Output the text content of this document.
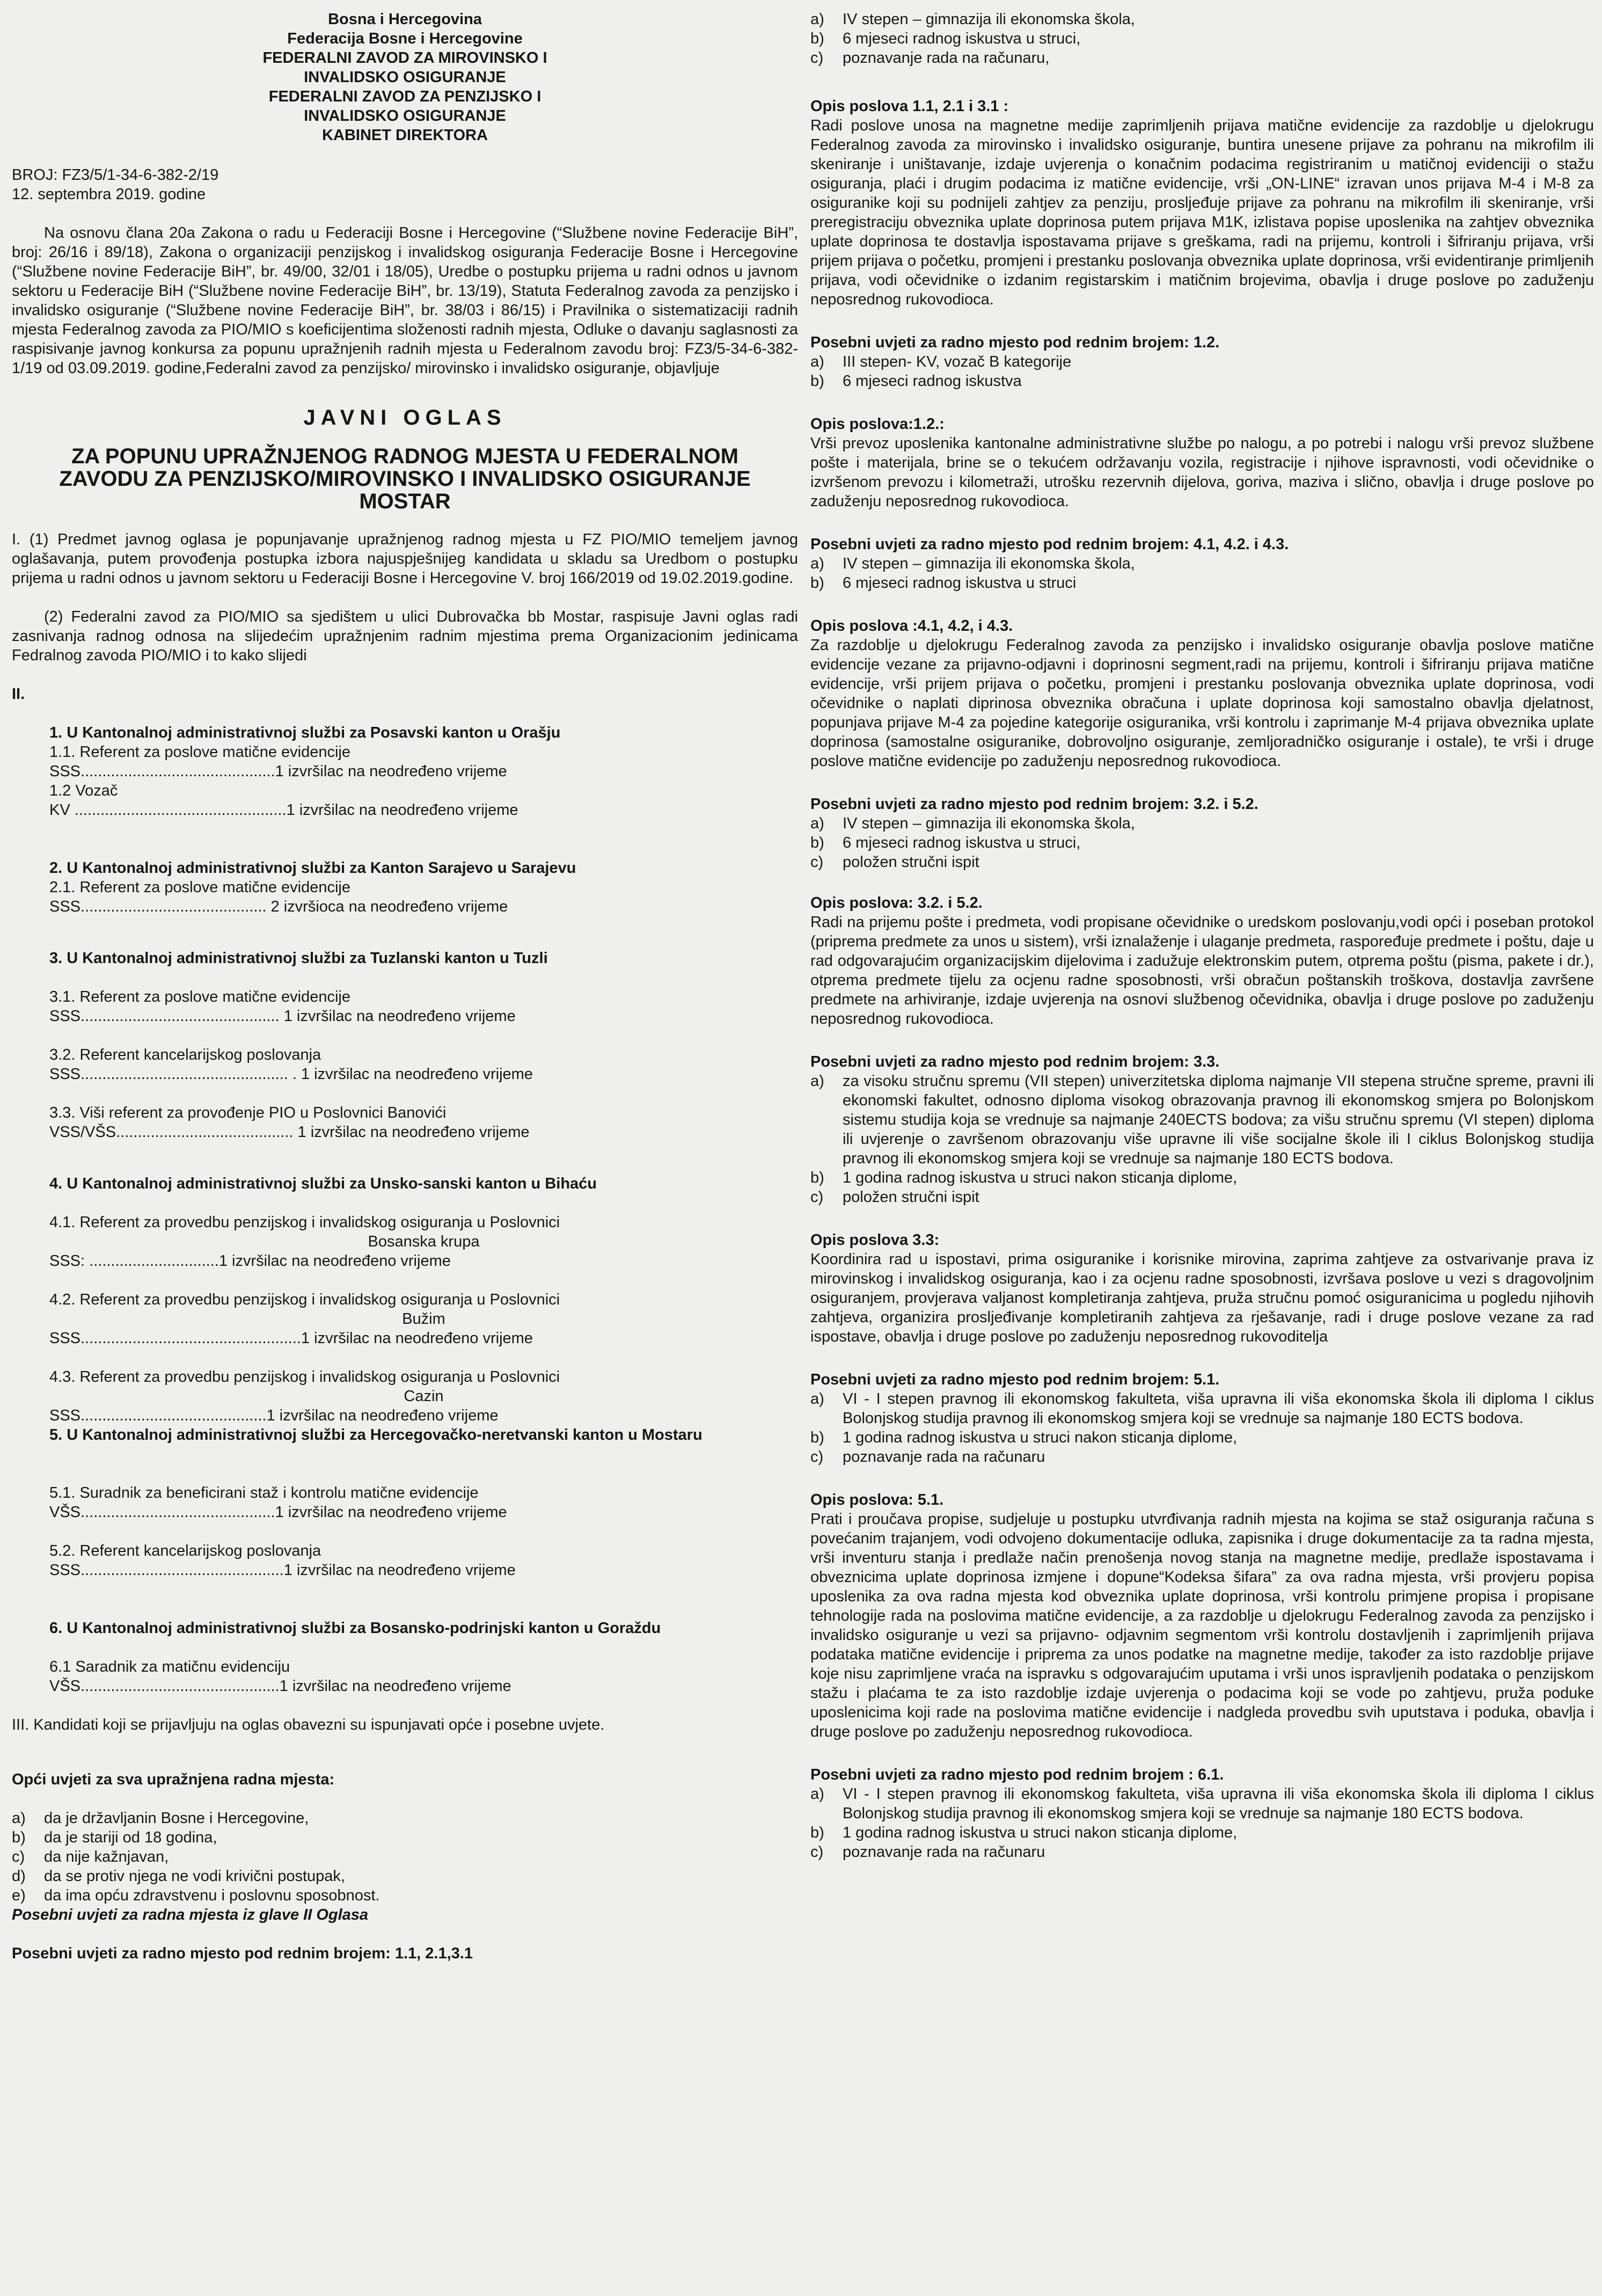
Bosna i Hercegovina
Federacija Bosne i Hercegovine
FEDERALNI ZAVOD ZA MIROVINSKO I
INVALIDSKO OSIGURANJE
FEDERALNI ZAVOD ZA PENZIJSKO I
INVALIDSKO OSIGURANJE
KABINET DIREKTORA

BROJ: FZ3/5/1-34-6-382-2/19

12. septembra 2019. godine

Na osnovu člana 20a Zakona o radu u Federaciji Bosne i Hercegovine (“Službene novine Federacije BiH”, broj: 26/16 i 89/18), Zakona o organizaciji penzijskog i invalidskog osiguranja Federacije Bosne i Hercegovine (“Službene novine Federacije BiH”, br. 49/00, 32/01 i 18/05), Uredbe o postupku prijema u radni odnos u javnom sektoru u Federacije BiH (“Službene novine Federacije BiH”, br. 13/19), Statuta Federalnog zavoda za penzijsko i invalidsko osiguranje (“Službene novine Federacije BiH”, br. 38/03 i 86/15) i Pravilnika o sistematizaciji radnih mjesta Federalnog zavoda za PIO/MIO s koeficijentima složenosti radnih mjesta, Odluke o davanju saglasnosti za raspisivanje javnog konkursa za popunu upražnjenih radnih mjesta u Federalnom zavodu broj: FZ3/5-34-6-382-1/19 od 03.09.2019. godine,Federalni zavod za penzijsko/ mirovinsko i invalidsko osiguranje, objavljuje

JAVNI OGLAS
ZA POPUNU UPRAŽNJENOG RADNOG MJESTA U FEDERALNOM ZAVODU ZA PENZIJSKO/MIROVINSKO I INVALIDSKO OSIGURANJE MOSTAR

I. (1) Predmet javnog oglasa je popunjavanje upražnjenog radnog mjesta u FZ PIO/MIO temeljem javnog oglašavanja, putem provođenja postupka izbora najuspješnijeg kandidata u skladu sa Uredbom o postupku prijema u radni odnos u javnom sektoru u Federaciji Bosne i Hercegovine V. broj 166/2019 od 19.02.2019.godine.

(2) Federalni zavod za PIO/MIO sa sjedištem u ulici Dubrovačka bb Mostar, raspisuje Javni oglas radi zasnivanja radnog odnosa na slijedećim upražnjenim radnim mjestima prema Organizacionim jedinicama Fedralnog zavoda PIO/MIO i to kako slijedi

II.

1. U Kantonalnoj administrativnoj službi za Posavski kanton u Orašju

1.1. Referent za poslove matične evidencije

SSS.............................................1 izvršilac na neodređeno vrijeme

1.2 Vozač

KV .................................................1 izvršilac na neodređeno vrijeme

2. U Kantonalnoj administrativnoj službi za Kanton Sarajevo u Sarajevu

2.1. Referent za poslove matične evidencije

SSS........................................... 2 izvršioca na neodređeno vrijeme

3. U Kantonalnoj administrativnoj službi za Tuzlanski kanton u Tuzli

3.1. Referent za poslove matične evidencije

SSS.............................................. 1 izvršilac na neodređeno vrijeme

3.2. Referent kancelarijskog poslovanja

SSS................................................ . 1 izvršilac na neodređeno vrijeme

3.3. Viši referent za provođenje PIO u Poslovnici Banovići

VSS/VŠS......................................... 1 izvršilac na neodređeno vrijeme

4. U Kantonalnoj administrativnoj službi za Unsko-sanski kanton u Bihaću

4.1. Referent za provedbu penzijskog i invalidskog osiguranja u Poslovnici

Bosanska krupa

SSS: ..............................1 izvršilac na neodređeno vrijeme

4.2. Referent za provedbu penzijskog i invalidskog osiguranja u Poslovnici

Bužim

SSS...................................................1 izvršilac na neodređeno vrijeme

4.3. Referent za provedbu penzijskog i invalidskog osiguranja u Poslovnici

Cazin

SSS...........................................1 izvršilac na neodređeno vrijeme

5. U Kantonalnoj administrativnoj službi za Hercegovačko-neretvanski kanton u Mostaru

5.1. Suradnik za beneficirani staž i kontrolu matične evidencije

VŠS.............................................1 izvršilac na neodređeno vrijeme

5.2. Referent kancelarijskog poslovanja

SSS...............................................1 izvršilac na neodređeno vrijeme

6. U Kantonalnoj administrativnoj službi za Bosansko-podrinjski kanton u Goraždu

6.1 Saradnik za matičnu evidenciju

VŠS..............................................1 izvršilac na neodređeno vrijeme

III. Kandidati koji se prijavljuju na oglas obavezni su ispunjavati opće i posebne uvjete.

Opći uvjeti za sva upražnjena radna mjesta:

a)	da je državljanin Bosne i Hercegovine,
b)	da je stariji od 18 godina,
c)	da nije kažnjavan,
d)	da se protiv njega ne vodi krivični postupak,
e)	da ima opću zdravstvenu i poslovnu sposobnost.

Posebni uvjeti za radna mjesta iz glave II Oglasa

Posebni uvjeti za radno mjesto pod rednim brojem: 1.1, 2.1,3.1

a)	IV stepen – gimnazija ili ekonomska škola,
b)	6 mjeseci radnog iskustva u struci,
c)	poznavanje rada na računaru,

Opis poslova 1.1, 2.1 i 3.1 :

Radi poslove unosa na magnetne medije zaprimljenih prijava matične evidencije za razdoblje u djelokrugu Federalnog zavoda za mirovinsko i invalidsko osiguranje, buntira unesene prijave za pohranu na mikrofilm ili skeniranje i uništavanje, izdaje uvjerenja o konačnim podacima registriranim u matičnoj evidenciji o stažu osiguranja, plaći i drugim podacima iz matične evidencije, vrši „ON-LINE“ izravan unos prijava M-4 i M-8 za osiguranike koji su podnijeli zahtjev za penziju, prosljeđuje prijave za pohranu na mikrofilm ili skeniranje, vrši preregistraciju obveznika uplate doprinosa putem prijava M1K, izlistava popise uposlenika na zahtjev obveznika uplate doprinosa te dostavlja ispostavama prijave s greškama, radi na prijemu, kontroli i šifriranju prijava, vrši prijem prijava o početku, promjeni i prestanku poslovanja obveznika uplate doprinosa, vrši evidentiranje primljenih prijava, vodi očevidnike o izdanim registarskim i matičnim brojevima, obavlja i druge poslove po zaduženju neposrednog rukovodioca.

Posebni uvjeti za radno mjesto pod rednim brojem: 1.2.

a)	III stepen- KV, vozač B kategorije
b)	6 mjeseci radnog iskustva

Opis poslova:1.2.:

Vrši prevoz uposlenika kantonalne administrativne službe po nalogu, a po potrebi i nalogu vrši prevoz službene pošte i materijala, brine se o tekućem održavanju vozila, registracije i njihove ispravnosti, vodi očevidnike o izvršenom prevozu i kilometraži, utrošku rezervnih dijelova, goriva, maziva i slično, obavlja i druge poslove po zaduženju neposrednog rukovodioca.

Posebni uvjeti za radno mjesto pod rednim brojem: 4.1, 4.2. i 4.3.

a)	IV stepen – gimnazija ili ekonomska škola,
b)	6 mjeseci radnog iskustva u struci

Opis poslova :4.1, 4.2, i 4.3.

Za razdoblje u djelokrugu Federalnog zavoda za penzijsko i invalidsko osiguranje obavlja poslove matične evidencije vezane za prijavno-odjavni i doprinosni segment,radi na prijemu, kontroli i šifriranju prijava matične evidencije, vrši prijem prijava o početku, promjeni i prestanku poslovanja obveznika uplate doprinosa, vodi očevidnike o naplati diprinosa obveznika obračuna i uplate doprinosa koji samostalno obavlja djelatnost, popunjava prijave M-4 za pojedine kategorije osiguranika, vrši kontrolu i zaprimanje M-4 prijava obveznika uplate doprinosa (samostalne osiguranike, dobrovoljno osiguranje, zemljoradničko osiguranje i ostale), te vrši i druge poslove matične evidencije po zaduženju neposrednog rukovodioca.

Posebni uvjeti za radno mjesto pod rednim brojem: 3.2. i 5.2.

a)	IV stepen – gimnazija ili ekonomska škola,
b)	6 mjeseci radnog iskustva u struci,
c)	položen stručni ispit

Opis poslova: 3.2. i 5.2.

Radi na prijemu pošte i predmeta, vodi propisane očevidnike o uredskom poslovanju,vodi opći i poseban protokol (priprema predmete za unos u sistem), vrši iznalaženje i ulaganje predmeta, raspoređuje predmete i poštu, daje u rad odgovarajućim organizacijskim dijelovima i zadužuje elektronskim putem, otprema poštu (pisma, pakete i dr.), otprema predmete tijelu za ocjenu radne sposobnosti, vrši obračun poštanskih troškova, dostavlja završene predmete na arhiviranje, izdaje uvjerenja na osnovi službenog očevidnika, obavlja i druge poslove po zaduženju neposrednog rukovodioca.

Posebni uvjeti za radno mjesto pod rednim brojem: 3.3.

a)	za visoku stručnu spremu (VII stepen) univerzitetska diploma najmanje VII stepena stručne spreme, pravni ili ekonomski fakultet, odnosno diploma visokog obrazovanja pravnog ili ekonomskog smjera po Bolonjskom sistemu studija koja se vrednuje sa najmanje 240ECTS bodova; za višu stručnu spremu (VI stepen) diploma ili uvjerenje o završenom obrazovanju više upravne ili više socijalne škole ili I ciklus Bolonjskog studija pravnog ili ekonomskog smjera koji se vrednuje sa najmanje 180 ECTS bodova.
b)	1 godina radnog iskustva u struci nakon sticanja diplome,
c)	položen stručni ispit

Opis poslova 3.3:

Koordinira rad u ispostavi, prima osiguranike i korisnike mirovina, zaprima zahtjeve za ostvarivanje prava iz mirovinskog i invalidskog osiguranja, kao i za ocjenu radne sposobnosti, izvršava poslove u vezi s dragovoljnim osiguranjem, provjerava valjanost kompletiranja zahtjeva, pruža stručnu pomoć osiguranicima u pogledu njihovih zahtjeva, organizira prosljeđivanje kompletiranih zahtjeva za rješavanje, radi i druge poslove vezane za rad ispostave, obavlja i druge poslove po zaduženju neposrednog rukovoditelja

Posebni uvjeti za radno mjesto pod rednim brojem: 5.1.

a)	VI - I stepen pravnog ili ekonomskog fakulteta, viša upravna ili viša ekonomska škola ili diploma I ciklus Bolonjskog studija pravnog ili ekonomskog smjera koji se vrednuje sa najmanje 180 ECTS bodova.
b)	1 godina radnog iskustva u struci nakon sticanja diplome,
c)	poznavanje rada na računaru

Opis poslova: 5.1.

Prati i proučava propise, sudjeluje u postupku utvrđivanja radnih mjesta na kojima se staž osiguranja računa s povećanim trajanjem, vodi odvojeno dokumentacije odluka, zapisnika i druge dokumentacije za ta radna mjesta, vrši inventuru stanja i predlaže način prenošenja novog stanja na magnetne medije, predlaže ispostavama i obveznicima uplate doprinosa izmjene i dopune“Kodeksa šifara” za ova radna mjesta, vrši provjeru popisa uposlenika za ova radna mjesta kod obveznika uplate doprinosa, vrši kontrolu primjene propisa i propisane tehnologije rada na poslovima matične evidencije, a za razdoblje u djelokrugu Federalnog zavoda za penzijsko i invalidsko osiguranje u vezi sa prijavno- odjavnim segmentom vrši kontrolu dostavljenih i zaprimljenih prijava podataka matične evidencije i priprema za unos podatke na magnetne medije, također za isto razdoblje prijave koje nisu zaprimljene vraća na ispravku s odgovarajućim uputama i vrši unos ispravljenih podataka o penzijskom stažu i plaćama te za isto razdoblje izdaje uvjerenja o podacima koji se vode po zahtjevu, pruža poduke uposlenicima koji rade na poslovima matične evidencije i nadgleda provedbu svih uputstava i poduka, obavlja i druge poslove po zaduženju neposrednog rukovodioca.

Posebni uvjeti za radno mjesto pod rednim brojem : 6.1.

a)	VI - I stepen pravnog ili ekonomskog fakulteta, viša upravna ili viša ekonomska škola ili diploma I ciklus Bolonjskog studija pravnog ili ekonomskog smjera koji se vrednuje sa najmanje 180 ECTS bodova.
b)	1 godina radnog iskustva u struci nakon sticanja diplome,
c)	poznavanje rada na računaru
